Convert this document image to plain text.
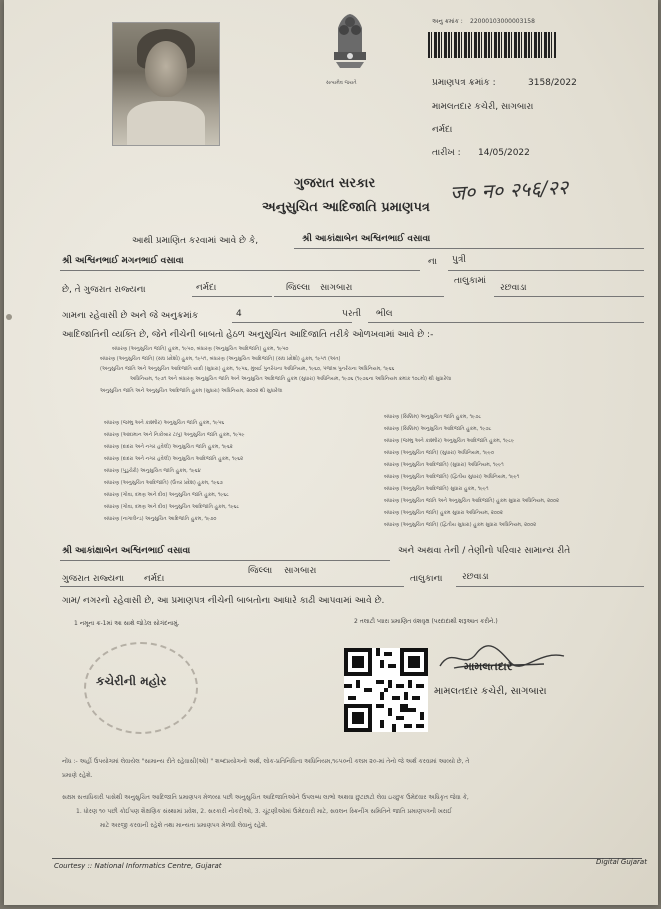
સત્યમેવ જયતે
અનુ ક્રમાંક : 22000103000003158
પ્રમાણપત્ર ક્રમાંક :	3158/2022
મામલતદાર કચેરી, સાગબારા
નર્મદા
તારીખ : 14/05/2022
ज० न० २५६/२२
ગુજરાત સરકાર
અનુસુચિત આદિજાતિ પ્રમાણપત્ર
આથી પ્રમાણિત કરવામાં આવે છે કે,	શ્રી આકાંક્ષાબેન અશ્વિનભાઈ વસાવા
શ્રી અશ્વિનભાઈ મગનભાઈ વસાવા	ના પુત્રી
છે, તે ગુજરાત રાજ્યના	નર્મદા	જિલ્લા સાગબારા
તાલુકામાં
રછવાડા
ગામના રહેવાસી છે અને જે અનુક્રમાંક	4	પરતી ભીલ
આદિજાતિની વ્યક્તિ છે, જેને નીચેની બાબતો હેઠળ અનુસુચિત આદિજાતિ તરીકે ઓળખવામાં આવે છે :-
બંધારણ (અનુસુચિત જાતિ) હુકમ, ૧૯૫૦, બંધારણ (અનુસુચિત આદિજાતિ) હુકમ, ૧૯૫૦
બંધારણ (અનુસુચિત જાતિ) (સંઘ પ્રદેશો) હુકમ, ૧૯૫૧, બંધારણ (અનુસુચિત આદિજાતિ) (સંઘ પ્રદેશો) હુકમ, ૧૯૫૧ (અંત)
(અનુસુચિત જાતિ અને અનુસુચિત આદિજાતિ યાદી (સુધારા) હુકમ, ૧૯૫૬, મુંબઈ પુનર્રચના અધિનિયમ, ૧૯૬૦, પંજાબ પુનર્રચના અધિનિયમ, ૧૯૬૬
અધિનિયમ, ૧૯૭૧ અને બંધારણ અનુસુચિત જાતિ અને અનુસુચિત આદિજાતિ હુકમ (સુધારા) અધિનિયમ, ૧૯૭૬ (૧૯૭૬ના અધિનિયમ ક્રમાંક ૧૦૮મો) થી સુધારેલા
અનુસુચિત જાતિ અને અનુસુચિત આદિજાતિ હુકમ (સુધારા) અધિનિયમ, ૨૦૦૨ થી સુધારેલા
બંધારણ (જમ્મુ અને કાશ્મીર) અનુસુચિત જાતિ હુકમ, ૧૯૫૬
બંધારણ (આંદામાન અને નિકોબાર ટાપુ) અનુસુચિત જાતિ હુકમ, ૧૯૫૯
બંધારણ (દાદરા અને નગર હવેલી) અનુસુચિત જાતિ હુકમ, ૧૯૬૨
બંધારણ (દાદરા અને નગર હવેલી) અનુસુચિત આદિજાતિ હુકમ, ૧૯૬૨
બંધારણ (પુડુચેરી) અનુસુચિત જાતિ હુકમ, ૧૯૬૪
બંધારણ (અનુસુચિત આદિજાતિ) (ઉત્તર પ્રદેશ) હુકમ, ૧૯૬૭
બંધારણ (ગોવા, દમણ અને દીવ) અનુસુચિત જાતિ હુકમ, ૧૯૬૮
બંધારણ (ગોવા, દમણ અને દીવ) અનુસુચિત આદિજાતિ હુકમ, ૧૯૬૮
બંધારણ (નાગાલેન્ડ) અનુસુચિત આદિજાતિ હુકમ, ૧૯૭૦
બંધારણ (સિક્કિમ) અનુસુચિત જાતિ હુકમ, ૧૯૭૮
બંધારણ (સિક્કિમ) અનુસુચિત આદિજાતિ હુકમ, ૧૯૭૮
બંધારણ (જમ્મુ અને કાશ્મીર) અનુસુચિત આદિજાતિ હુકમ, ૧૯૮૯
બંધારણ (અનુસુચિત જાતિ) (સુધારા) અધિનિયમ, ૧૯૯૦
બંધારણ (અનુસુચિત આદિજાતિ) (સુધારા) અધિનિયમ, ૧૯૯૧
બંધારણ (અનુસુચિત આદિજાતિ) (દ્વિતીય સુધારા) અધિનિયમ, ૧૯૯૧
બંધારણ (અનુસુચિત આદિજાતિ) સુધારા હુકમ, ૧૯૯૧
બંધારણ (અનુસુચિત જાતિ અને અનુસુચિત આદિજાતિ) હુકમ સુધારા અધિનિયમ, ૨૦૦૨
બંધારણ (અનુસુચિત જાતિ) હુકમ સુધારા અધિનિયમ, ૨૦૦૨
બંધારણ (અનુસુચિત જાતિ) (દ્વિતીય સુધારા) હુકમ સુધારા અધિનિયમ, ૨૦૦૨
શ્રી આકાંક્ષાબેન અશ્વિનભાઈ વસાવા	અને અથવા તેની / તેણીનો પરિવાર સામાન્ય રીતે
ગુજરાત રાજ્યના નર્મદા
જિલ્લા સાગબારા
તાલુકાના રછવાડા
ગામ/ નગરનો રહેવાસી છે, આ પ્રમાણપત્ર નીચેની બાબતોના આધારે કાઢી આપવામાં આવે છે.
1 નમૂના ક્ર-1માં આ સાથે જોડેલ સોગંદનામું.	2 તલાટી પ્વારા પ્રમાણિત વંશવૃક્ષ (પરદાદાથી શરૂઆત કરીને.)
કચેરીની મહોર
મામલતદાર
મામલતદાર કચેરી, સાગબારા
નોંધ :- અહીં ઉપયોગમાં લેવાયેલ "સામાન્ય રીતે રહેવાસી(ઓ) " શબ્દપ્રયોગનો અર્થ, લોક-પ્રતિનિધિત્વ અધિનિયમ,૧૯૫૦ની કલમ ૨૦-માં તેનો જે અર્થ કરવામાં આવ્યો છે, તે
પ્રમાણે રહેશે.
સક્ષમ સત્તાધિકારી પાસેથી અનુસુચિત આદિજાતિ પ્રમાણપત્ર મેળવ્યા પછી અનુસુચિત આદિજાતિઓને ઉપલબ્ધ લાભો અથવા છુટછાટો લેવા ઇચ્છુક ઉમેદવાર અધિકૃત જેવા કે,
1. ધોરણ ૧૦ પછી કોઈપણ શૈક્ષણિક સંસ્થામાં પ્રવેશ, 2. સરકારી નોકરીઓ, 3. ચૂંટણીઓમાં ઉમેદવારી માટે, સવલન સ્ક્રિનીંગ સમિતિને જાતિ પ્રમાણપત્રની ખરાઈ
માટે અરજી કરવાની રહેશે તથા માન્યતા પ્રમાણપત્ર મેળવી લેવાનું રહેશે.
Courtesy :: National Informatics Centre, Gujarat	Digital Gujarat
